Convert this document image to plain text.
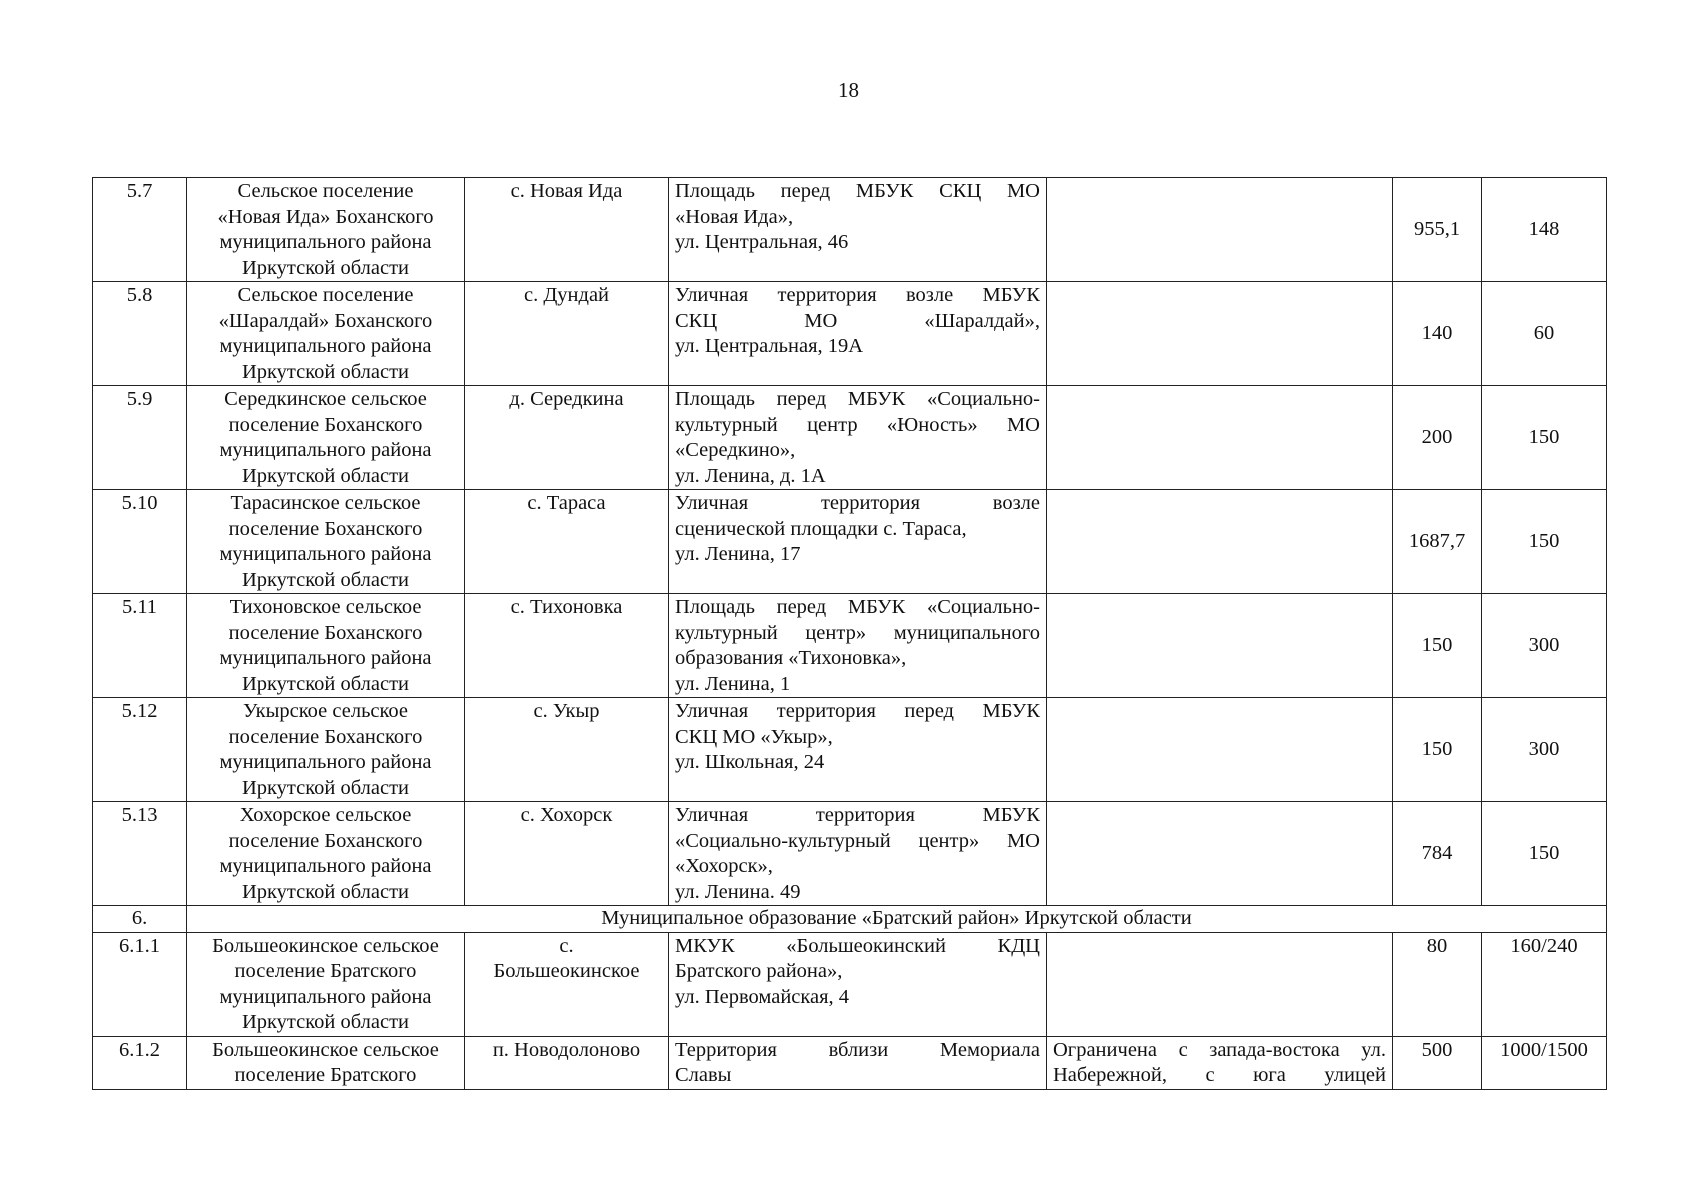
18
5.7	Сельское поселение
«Новая Ида» Боханского
муниципального района
Иркутской области	с. Новая Ида	Площадь перед МБУК СКЦ МО
«Новая Ида»,
ул. Центральная, 46		955,1	148
5.8	Сельское поселение
«Шаралдай» Боханского
муниципального района
Иркутской области	с. Дундай	Уличная территория возле МБУК
СКЦ МО «Шаралдай»,
ул. Центральная, 19А		140	60
5.9	Середкинское сельское
поселение Боханского
муниципального района
Иркутской области	д. Середкина	Площадь перед МБУК «Социально-
культурный центр «Юность» МО
«Середкино»,
ул. Ленина, д. 1А		200	150
5.10	Тарасинское сельское
поселение Боханского
муниципального района
Иркутской области	с. Тараса	Уличная территория возле
сценической площадки с. Тараса,
ул. Ленина, 17		1687,7	150
5.11	Тихоновское сельское
поселение Боханского
муниципального района
Иркутской области	с. Тихоновка	Площадь перед МБУК «Социально-
культурный центр» муниципального
образования «Тихоновка»,
ул. Ленина, 1		150	300
5.12	Укырское сельское
поселение Боханского
муниципального района
Иркутской области	с. Укыр	Уличная территория перед МБУК
СКЦ МО «Укыр»,
ул. Школьная, 24		150	300
5.13	Хохорское сельское
поселение Боханского
муниципального района
Иркутской области	с. Хохорск	Уличная территория МБУК
«Социально-культурный центр» МО
«Хохорск»,
ул. Ленина. 49		784	150
6.	Муниципальное образование «Братский район» Иркутской области					
6.1.1	Большеокинское сельское
поселение Братского
муниципального района
Иркутской области	с.
Большеокинское	МКУК «Большеокинский КДЦ
Братского района»,
ул. Первомайская, 4		80	160/240
6.1.2	Большеокинское сельское
поселение Братского	п. Новодолоново	Территория вблизи Мемориала
Славы	Ограничена с запада-востока ул.
Набережной, с юга улицей	500	1000/1500
